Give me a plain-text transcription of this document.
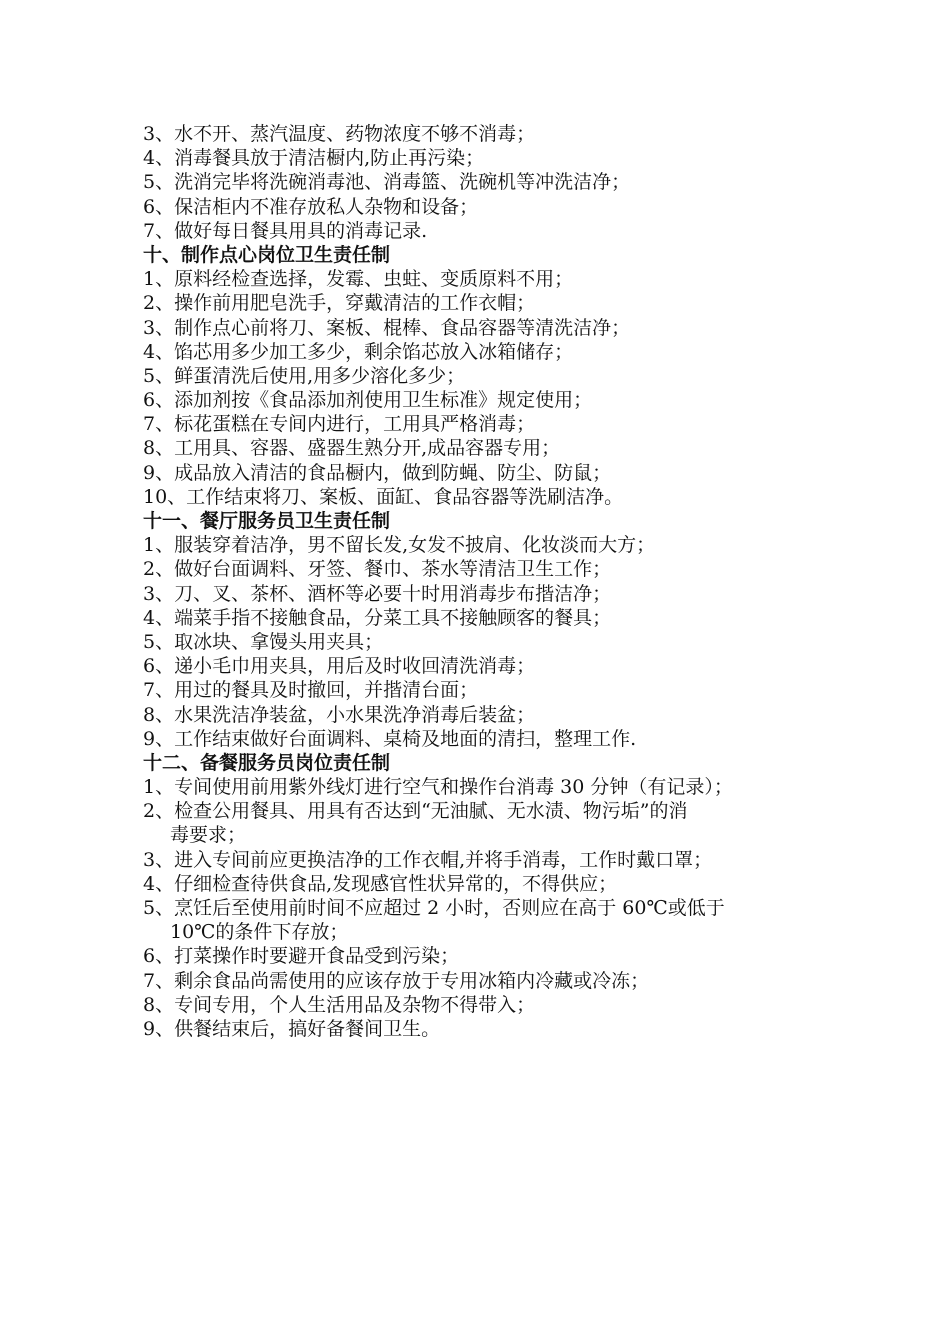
3、水不开、蒸汽温度、药物浓度不够不消毒；
4、消毒餐具放于清洁橱内,防止再污染；
5、洗消完毕将洗碗消毒池、消毒篮、洗碗机等冲洗洁净；
6、保洁柜内不准存放私人杂物和设备；
7、做好每日餐具用具的消毒记录.
十、制作点心岗位卫生责任制
1、原料经检查选择，发霉、虫蛀、变质原料不用；
2、操作前用肥皂洗手，穿戴清洁的工作衣帽；
3、制作点心前将刀、案板、棍棒、食品容器等清洗洁净；
4、馅芯用多少加工多少，剩余馅芯放入冰箱储存；
5、鲜蛋清洗后使用,用多少溶化多少；
6、添加剂按《食品添加剂使用卫生标准》规定使用；
7、标花蛋糕在专间内进行，工用具严格消毒；
8、工用具、容器、盛器生熟分开,成品容器专用；
9、成品放入清洁的食品橱内，做到防蝇、防尘、防鼠；
10、工作结束将刀、案板、面缸、食品容器等洗刷洁净。
十一、餐厅服务员卫生责任制
1、服装穿着洁净，男不留长发,女发不披肩、化妆淡而大方；
2、做好台面调料、牙签、餐巾、茶水等清洁卫生工作；
3、刀、叉、茶杯、酒杯等必要十时用消毒步布揩洁净；
4、端菜手指不接触食品，分菜工具不接触顾客的餐具；
5、取冰块、拿馒头用夹具；
6、递小毛巾用夹具，用后及时收回清洗消毒；
7、用过的餐具及时撤回，并揩清台面；
8、水果洗洁净装盆，小水果洗净消毒后装盆；
9、工作结束做好台面调料、桌椅及地面的清扫，整理工作.
十二、备餐服务员岗位责任制
1、专间使用前用紫外线灯进行空气和操作台消毒 30 分钟（有记录）；
2、检查公用餐具、用具有否达到“无油腻、无水渍、物污垢”的消
毒要求；
3、进入专间前应更换洁净的工作衣帽,并将手消毒，工作时戴口罩；
4、仔细检查待供食品,发现感官性状异常的，不得供应；
5、烹饪后至使用前时间不应超过 2 小时，否则应在高于 60℃或低于
10℃的条件下存放；
6、打菜操作时要避开食品受到污染；
7、剩余食品尚需使用的应该存放于专用冰箱内冷藏或冷冻；
8、专间专用，个人生活用品及杂物不得带入；
9、供餐结束后，搞好备餐间卫生。
